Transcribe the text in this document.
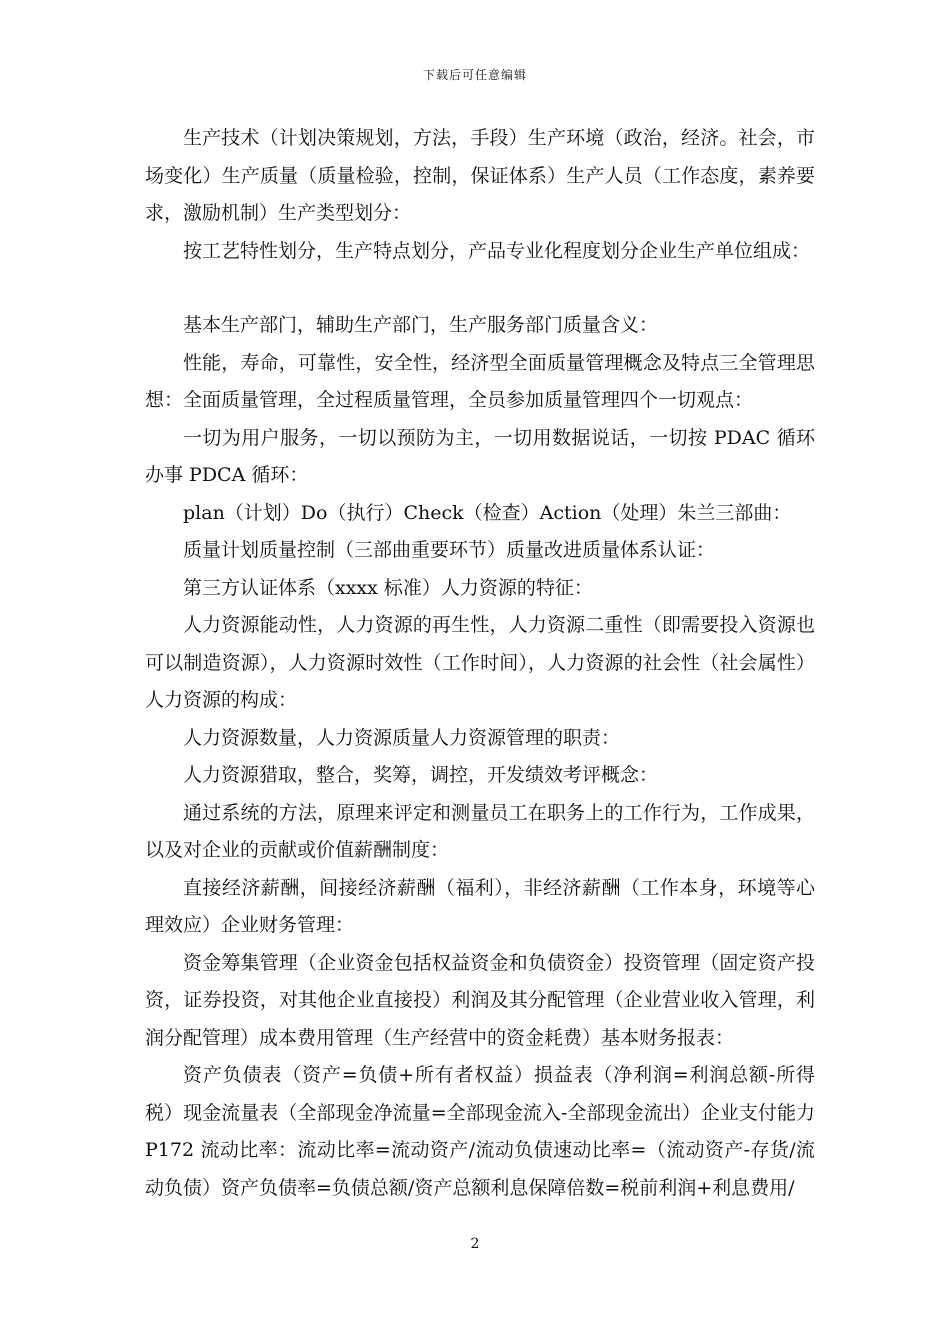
下载后可任意编辑

生产技术（计划决策规划，方法，手段）生产环境（政治，经济。社会，市场变化）生产质量（质量检验，控制，保证体系）生产人员（工作态度，素养要求，激励机制）生产类型划分：

按工艺特性划分，生产特点划分，产品专业化程度划分企业生产单位组成：

基本生产部门，辅助生产部门，生产服务部门质量含义：

性能，寿命，可靠性，安全性，经济型全面质量管理概念及特点三全管理思想：全面质量管理，全过程质量管理，全员参加质量管理四个一切观点：

一切为用户服务，一切以预防为主，一切用数据说话，一切按 PDAC 循环办事 PDCA 循环：

plan（计划）Do（执行）Check（检查）Action（处理）朱兰三部曲：

质量计划质量控制（三部曲重要环节）质量改进质量体系认证：

第三方认证体系（xxxx 标准）人力资源的特征：

人力资源能动性，人力资源的再生性，人力资源二重性（即需要投入资源也可以制造资源），人力资源时效性（工作时间），人力资源的社会性（社会属性）人力资源的构成：

人力资源数量，人力资源质量人力资源管理的职责：

人力资源猎取，整合，奖筹，调控，开发绩效考评概念：

通过系统的方法，原理来评定和测量员工在职务上的工作行为，工作成果，以及对企业的贡献或价值薪酬制度：

直接经济薪酬，间接经济薪酬（福利），非经济薪酬（工作本身，环境等心理效应）企业财务管理：

资金筹集管理（企业资金包括权益资金和负债资金）投资管理（固定资产投资，证券投资，对其他企业直接投）利润及其分配管理（企业营业收入管理，利润分配管理）成本费用管理（生产经营中的资金耗费）基本财务报表：

资产负债表（资产=负债+所有者权益）损益表（净利润=利润总额-所得税）现金流量表（全部现金净流量=全部现金流入-全部现金流出）企业支付能力 P172 流动比率：流动比率=流动资产/流动负债速动比率=（流动资产-存货/流动负债）资产负债率=负债总额/资产总额利息保障倍数=税前利润+利息费用/

2
